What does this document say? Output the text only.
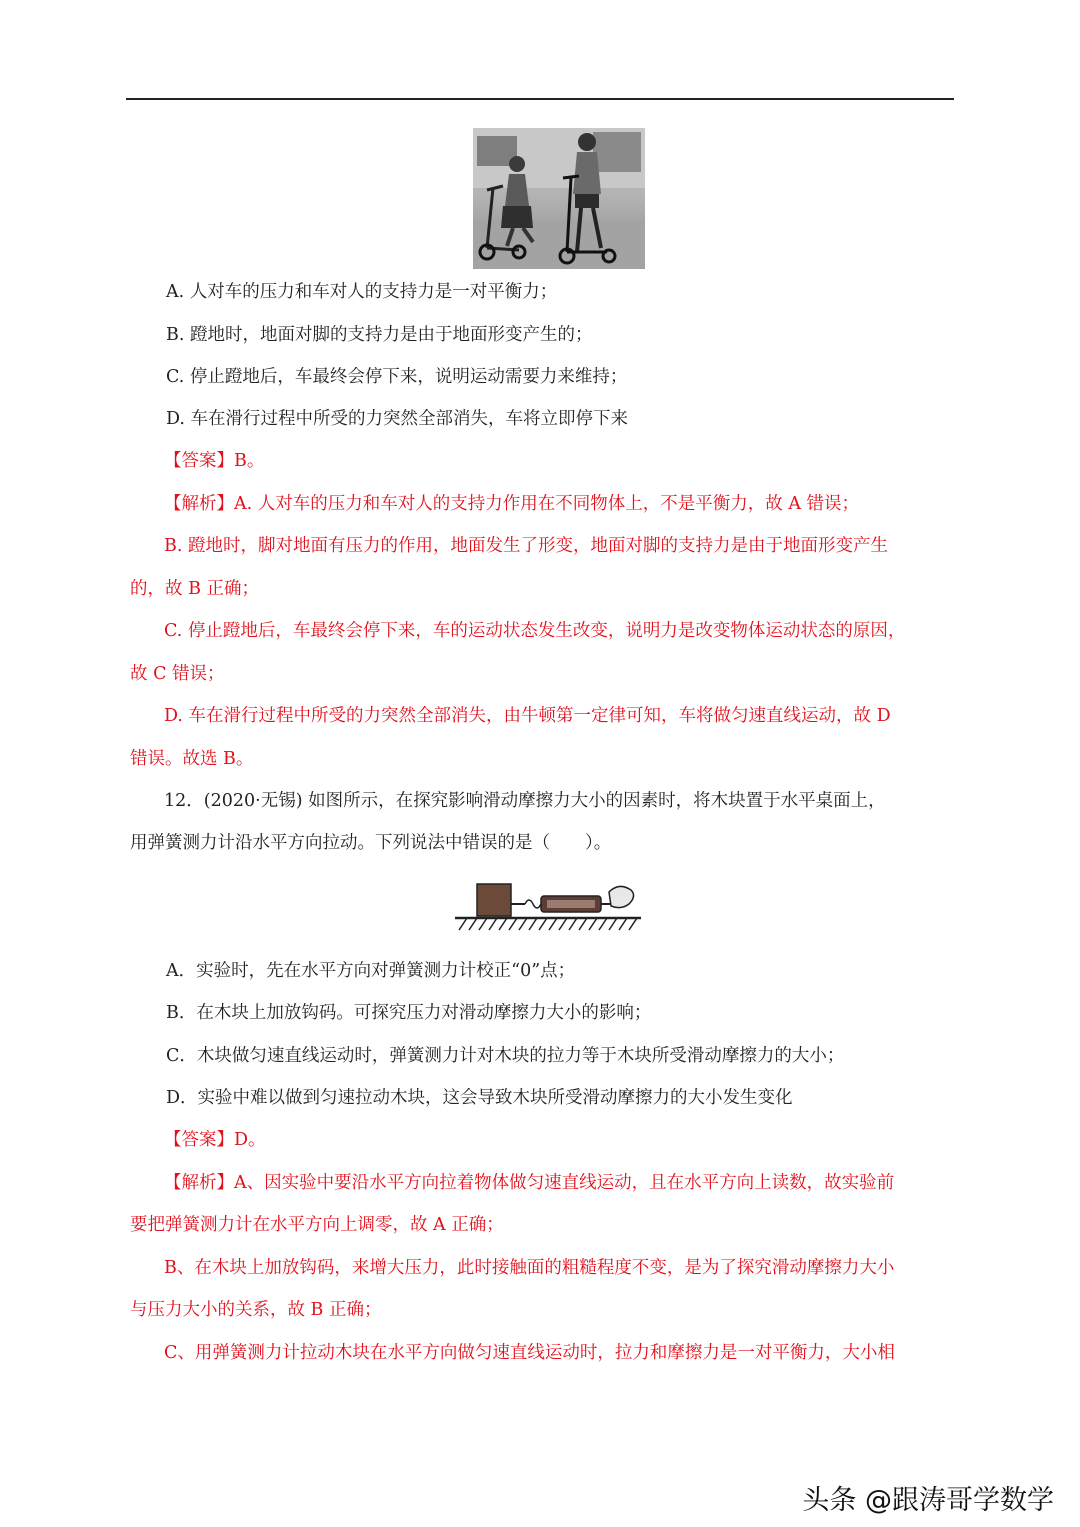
A. 人对车的压力和车对人的支持力是一对平衡力；
B. 蹬地时，地面对脚的支持力是由于地面形变产生的；
C. 停止蹬地后，车最终会停下来，说明运动需要力来维持；
D. 车在滑行过程中所受的力突然全部消失，车将立即停下来
【答案】B。
【解析】A. 人对车的压力和车对人的支持力作用在不同物体上，不是平衡力，故 A 错误；
B. 蹬地时，脚对地面有压力的作用，地面发生了形变，地面对脚的支持力是由于地面形变产生
的，故 B 正确；
C. 停止蹬地后，车最终会停下来，车的运动状态发生改变，说明力是改变物体运动状态的原因，
故 C 错误；
D. 车在滑行过程中所受的力突然全部消失，由牛顿第一定律可知，车将做匀速直线运动，故 D
错误。故选 B。
12．(2020·无锡) 如图所示，在探究影响滑动摩擦力大小的因素时，将木块置于水平桌面上，
用弹簧测力计沿水平方向拉动。下列说法中错误的是（　　）。
A．实验时，先在水平方向对弹簧测力计校正“0”点；
B．在木块上加放钩码。可探究压力对滑动摩擦力大小的影响；
C．木块做匀速直线运动时，弹簧测力计对木块的拉力等于木块所受滑动摩擦力的大小；
D．实验中难以做到匀速拉动木块，这会导致木块所受滑动摩擦力的大小发生变化
【答案】D。
【解析】A、因实验中要沿水平方向拉着物体做匀速直线运动，且在水平方向上读数，故实验前
要把弹簧测力计在水平方向上调零，故 A 正确；
B、在木块上加放钩码，来增大压力，此时接触面的粗糙程度不变，是为了探究滑动摩擦力大小
与压力大小的关系，故 B 正确；
C、用弹簧测力计拉动木块在水平方向做匀速直线运动时，拉力和摩擦力是一对平衡力，大小相
头条 @跟涛哥学数学
